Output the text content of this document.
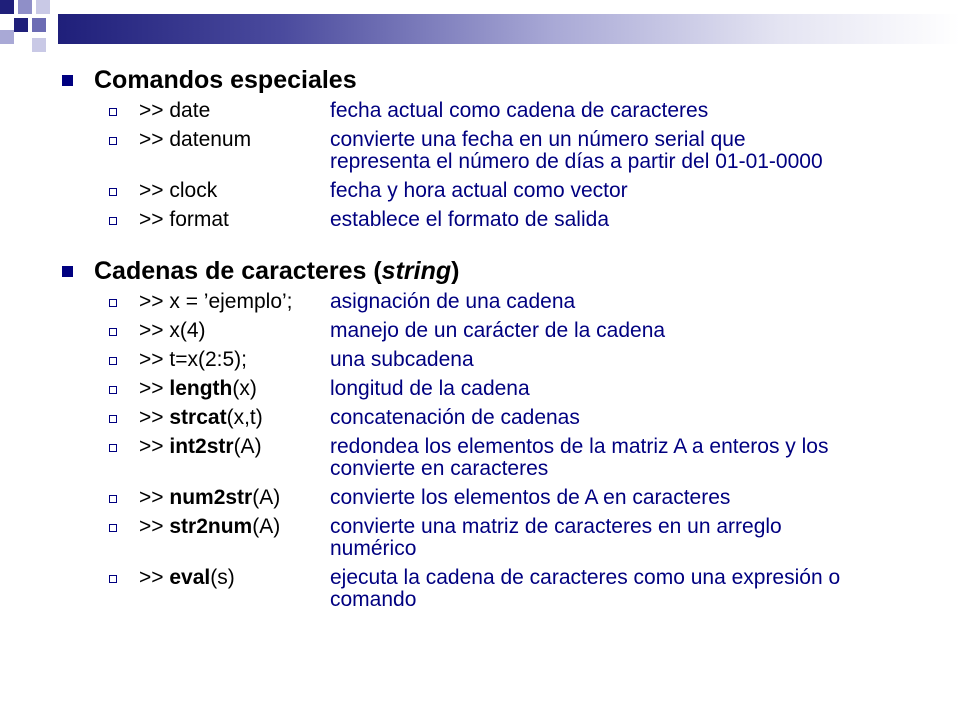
Comandos especiales
>> date	fecha actual como cadena de caracteres
>> datenum	convierte una fecha en un número serial que representa el número de días a partir del 01-01-0000
>> clock	fecha y hora actual como vector
>> format	establece el formato de salida
Cadenas de caracteres (string)
>> x = ’ejemplo’;	asignación de una cadena
>> x(4)	manejo de un carácter de la cadena
>> t=x(2:5);	una subcadena
>> length(x)	longitud de la cadena
>> strcat(x,t)	concatenación de cadenas
>> int2str(A)	redondea los elementos de la matriz A a enteros y los convierte en caracteres
>> num2str(A)	convierte los elementos de A en caracteres
>> str2num(A)	convierte una matriz de caracteres en un arreglo numérico
>> eval(s)	ejecuta la cadena de caracteres como una expresión o comando
